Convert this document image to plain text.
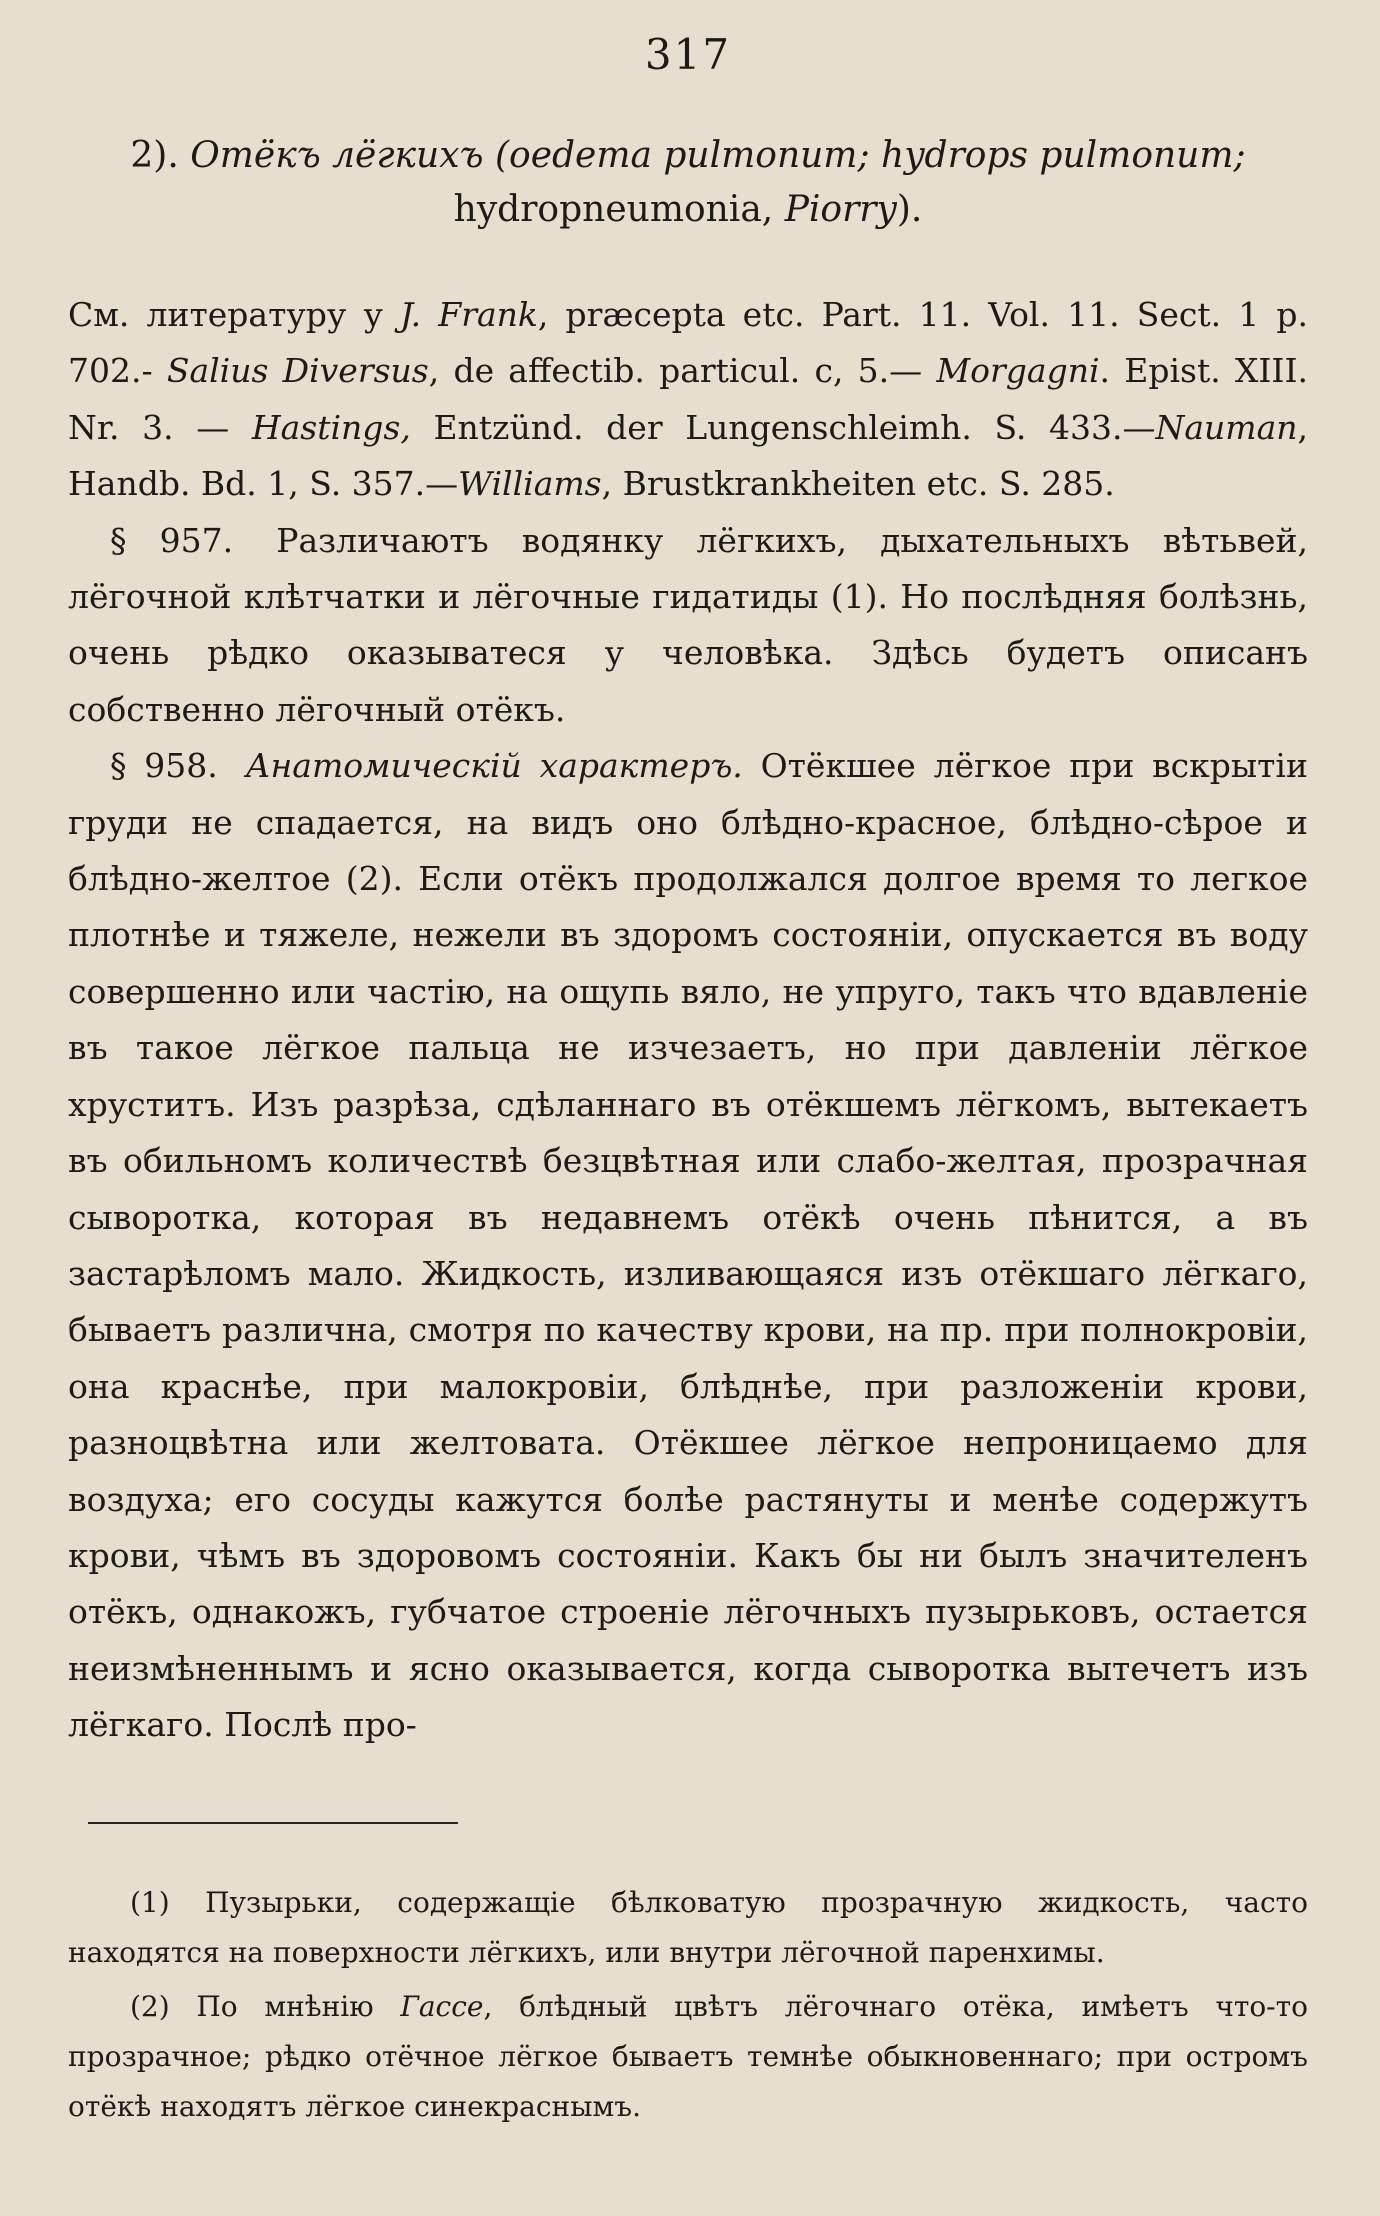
317
2). Отёкъ лёгкихъ (oedema pulmonum; hydrops pulmonum;
hydropneumonia, Piorry).

См. литературу у J. Frank, præcepta etc. Part. 11. Vol. 11. Sect. 1 p. 702.- Salius Diversus, de affectib. particul. c, 5.— Morgagni. Epist. XIII. Nr. 3. — Hastings, Entzünd. der Lungenschleimh. S. 433.—Nauman, Handb. Bd. 1, S. 357.—Williams, Brustkrankheiten etc. S. 285.

§ 957. Различаютъ водянку лёгкихъ, дыхательныхъ вѣтьвей, лёгочной клѣтчатки и лёгочные гидатиды (1). Но послѣдняя болѣзнь, очень рѣдко оказыватеся у человѣка. Здѣсь будетъ описанъ собственно лёгочный отёкъ.

§ 958. Анатомическiй характеръ. Отёкшее лёгкое при вскрытiи груди не спадается, на видъ оно блѣдно-красное, блѣдно-сѣрое и блѣдно-желтое (2). Если отёкъ продолжался долгое время то легкое плотнѣе и тяжеле, нежели въ здоромъ состоянiи, опускается въ воду совершенно или частiю, на ощупь вяло, не упруго, такъ что вдавленiе въ такое лёгкое пальца не изчезаетъ, но при давленiи лёгкое хруститъ. Изъ разрѣза, сдѣланнаго въ отёкшемъ лёгкомъ, вытекаетъ въ обильномъ количествѣ безцвѣтная или слабо-желтая, прозрачная сыворотка, которая въ недавнемъ отёкѣ очень пѣнится, а въ застарѣломъ мало. Жидкость, изливающаяся изъ отёкшаго лёгкаго, бываетъ различна, смотря по качеству крови, на пр. при полнокровiи, она краснѣе, при малокровiи, блѣднѣе, при разложенiи крови, разноцвѣтна или желтовата. Отёкшее лёгкое непроницаемо для воздуха; его сосуды кажутся болѣе растянуты и менѣе содержутъ крови, чѣмъ въ здоровомъ состоянiи. Какъ бы ни былъ значителенъ отёкъ, однакожъ, губчатое строенiе лёгочныхъ пузырьковъ, остается неизмѣненнымъ и ясно оказывается, когда сыворотка вытечетъ изъ лёгкаго. Послѣ про-

(1) Пузырьки, содержащiе бѣлковатую прозрачную жидкость, часто находятся на поверхности лёгкихъ, или внутри лёгочной паренхимы.

(2) По мнѣнiю Гассе, блѣдный цвѣтъ лёгочнаго отёка, имѣетъ что-то прозрачное; рѣдко отёчное лёгкое бываетъ темнѣе обыкновеннаго; при остромъ отёкѣ находятъ лёгкое синекраснымъ.
